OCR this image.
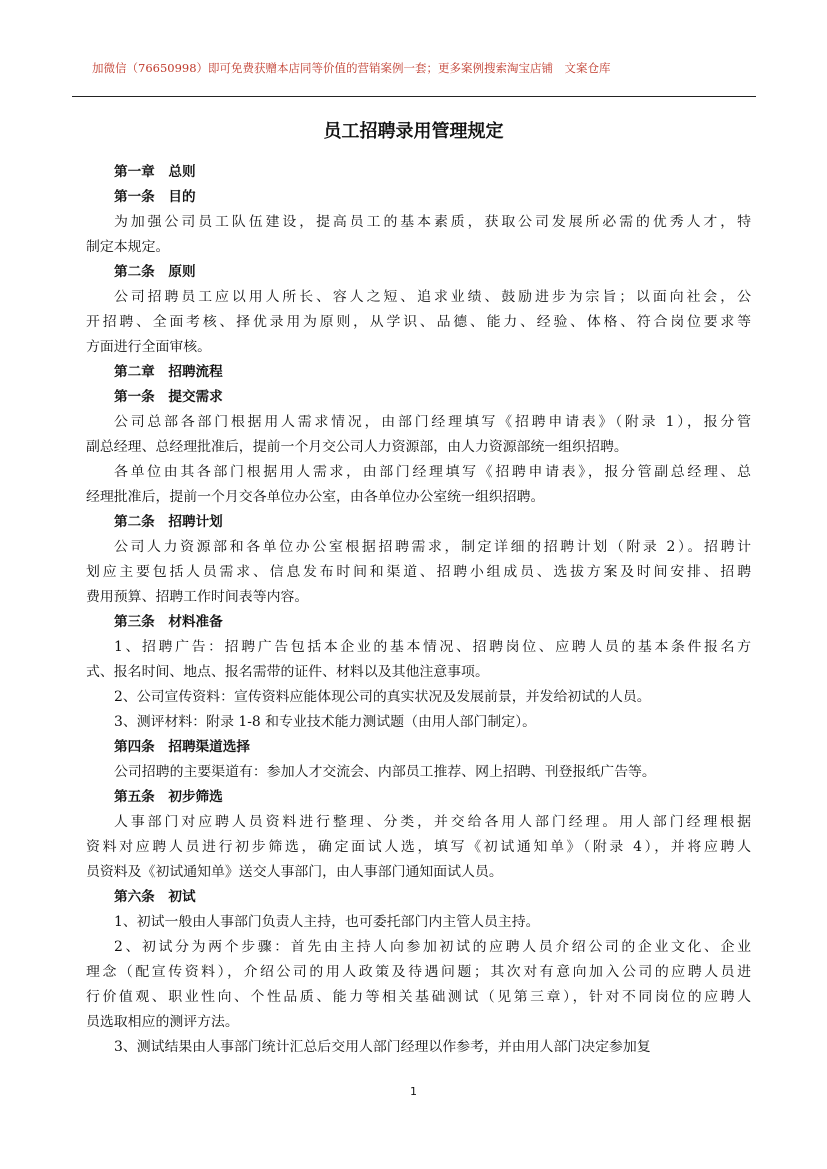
加微信（76650998）即可免费获赠本店同等价值的营销案例一套；更多案例搜索淘宝店铺　文案仓库
员工招聘录用管理规定
第一章　总则
第一条　目的
为加强公司员工队伍建设，提高员工的基本素质，获取公司发展所必需的优秀人才，特
制定本规定。
第二条　原则
公司招聘员工应以用人所长、容人之短、追求业绩、鼓励进步为宗旨；以面向社会，公
开招聘、全面考核、择优录用为原则，从学识、品德、能力、经验、体格、符合岗位要求等
方面进行全面审核。
第二章　招聘流程
第一条　提交需求
公司总部各部门根据用人需求情况，由部门经理填写《招聘申请表》（附录 1），报分管
副总经理、总经理批准后，提前一个月交公司人力资源部，由人力资源部统一组织招聘。
各单位由其各部门根据用人需求，由部门经理填写《招聘申请表》，报分管副总经理、总
经理批准后，提前一个月交各单位办公室，由各单位办公室统一组织招聘。
第二条　招聘计划
公司人力资源部和各单位办公室根据招聘需求，制定详细的招聘计划（附录 2）。招聘计
划应主要包括人员需求、信息发布时间和渠道、招聘小组成员、选拔方案及时间安排、招聘
费用预算、招聘工作时间表等内容。
第三条　材料准备
1、招聘广告：招聘广告包括本企业的基本情况、招聘岗位、应聘人员的基本条件报名方
式、报名时间、地点、报名需带的证件、材料以及其他注意事项。
2、公司宣传资料：宣传资料应能体现公司的真实状况及发展前景，并发给初试的人员。
3、测评材料：附录 1-8 和专业技术能力测试题（由用人部门制定）。
第四条　招聘渠道选择
公司招聘的主要渠道有：参加人才交流会、内部员工推荐、网上招聘、刊登报纸广告等。
第五条　初步筛选
人事部门对应聘人员资料进行整理、分类，并交给各用人部门经理。用人部门经理根据
资料对应聘人员进行初步筛选，确定面试人选，填写《初试通知单》（附录 4），并将应聘人
员资料及《初试通知单》送交人事部门，由人事部门通知面试人员。
第六条　初试
1、初试一般由人事部门负责人主持，也可委托部门内主管人员主持。
2、初试分为两个步骤：首先由主持人向参加初试的应聘人员介绍公司的企业文化、企业
理念（配宣传资料），介绍公司的用人政策及待遇问题；其次对有意向加入公司的应聘人员进
行价值观、职业性向、个性品质、能力等相关基础测试（见第三章），针对不同岗位的应聘人
员选取相应的测评方法。
3、测试结果由人事部门统计汇总后交用人部门经理以作参考，并由用人部门决定参加复
1
